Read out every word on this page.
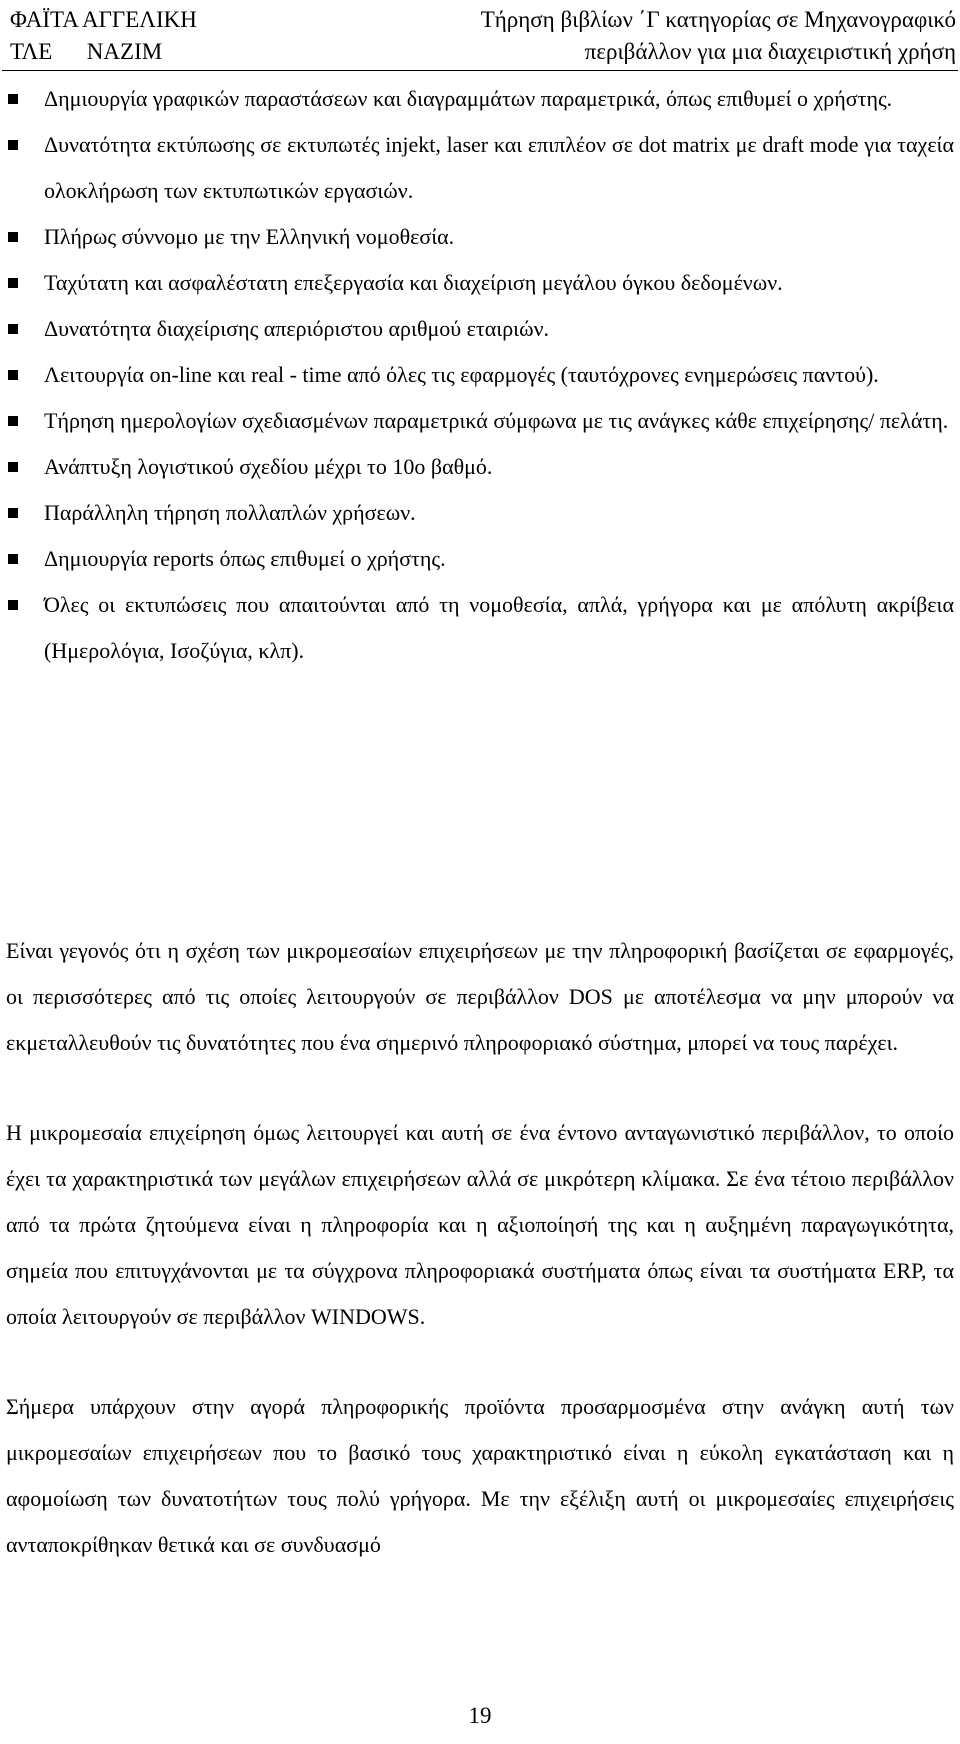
ΦΑΪΤΑ ΑΓΓΕΛΙΚΗ
ΤΛΕ      ΝΑΖΙΜ
Τήρηση βιβλίων ΄Γ κατηγορίας σε Μηχανογραφικό
περιβάλλον για μια διαχειριστική χρήση
Δημιουργία γραφικών παραστάσεων και διαγραμμάτων παραμετρικά, όπως επιθυμεί ο χρήστης.
Δυνατότητα εκτύπωσης σε εκτυπωτές injekt, laser και επιπλέον σε dot matrix με draft mode για ταχεία ολοκλήρωση των εκτυπωτικών εργασιών.
Πλήρως σύννομο με την Ελληνική νομοθεσία.
Ταχύτατη και ασφαλέστατη επεξεργασία και διαχείριση μεγάλου όγκου δεδομένων.
Δυνατότητα διαχείρισης απεριόριστου αριθμού εταιριών.
Λειτουργία on-line και real - time από όλες τις εφαρμογές (ταυτόχρονες ενημερώσεις παντού).
Τήρηση ημερολογίων σχεδιασμένων παραμετρικά σύμφωνα με τις ανάγκες κάθε επιχείρησης/ πελάτη.
Ανάπτυξη λογιστικού σχεδίου μέχρι το 10ο βαθμό.
Παράλληλη τήρηση πολλαπλών χρήσεων.
Δημιουργία reports όπως επιθυμεί ο χρήστης.
Όλες οι εκτυπώσεις που απαιτούνται από τη νομοθεσία, απλά, γρήγορα και με απόλυτη ακρίβεια (Ημερολόγια, Ισοζύγια, κλπ).

Είναι γεγονός ότι η σχέση των μικρομεσαίων επιχειρήσεων με την πληροφορική βασίζεται σε εφαρμογές, οι περισσότερες από τις οποίες λειτουργούν σε περιβάλλον DOS με αποτέλεσμα να μην μπορούν να εκμεταλλευθούν τις δυνατότητες που ένα σημερινό πληροφοριακό σύστημα, μπορεί να τους παρέχει.

Η μικρομεσαία επιχείρηση όμως λειτουργεί και αυτή σε ένα έντονο ανταγωνιστικό περιβάλλον, το οποίο έχει τα χαρακτηριστικά των μεγάλων επιχειρήσεων αλλά σε μικρότερη κλίμακα. Σε ένα τέτοιο περιβάλλον από τα πρώτα ζητούμενα είναι η πληροφορία και η αξιοποίησή της και η αυξημένη παραγωγικότητα, σημεία που επιτυγχάνονται με τα σύγχρονα πληροφοριακά συστήματα όπως είναι τα συστήματα ERP, τα οποία λειτουργούν σε περιβάλλον WINDOWS.

Σήμερα υπάρχουν στην αγορά πληροφορικής προϊόντα προσαρμοσμένα στην ανάγκη αυτή των μικρομεσαίων επιχειρήσεων που το βασικό τους χαρακτηριστικό είναι η εύκολη εγκατάσταση και η αφομοίωση των δυνατοτήτων τους πολύ γρήγορα. Με την εξέλιξη αυτή οι μικρομεσαίες επιχειρήσεις ανταποκρίθηκαν θετικά και σε συνδυασμό

19
